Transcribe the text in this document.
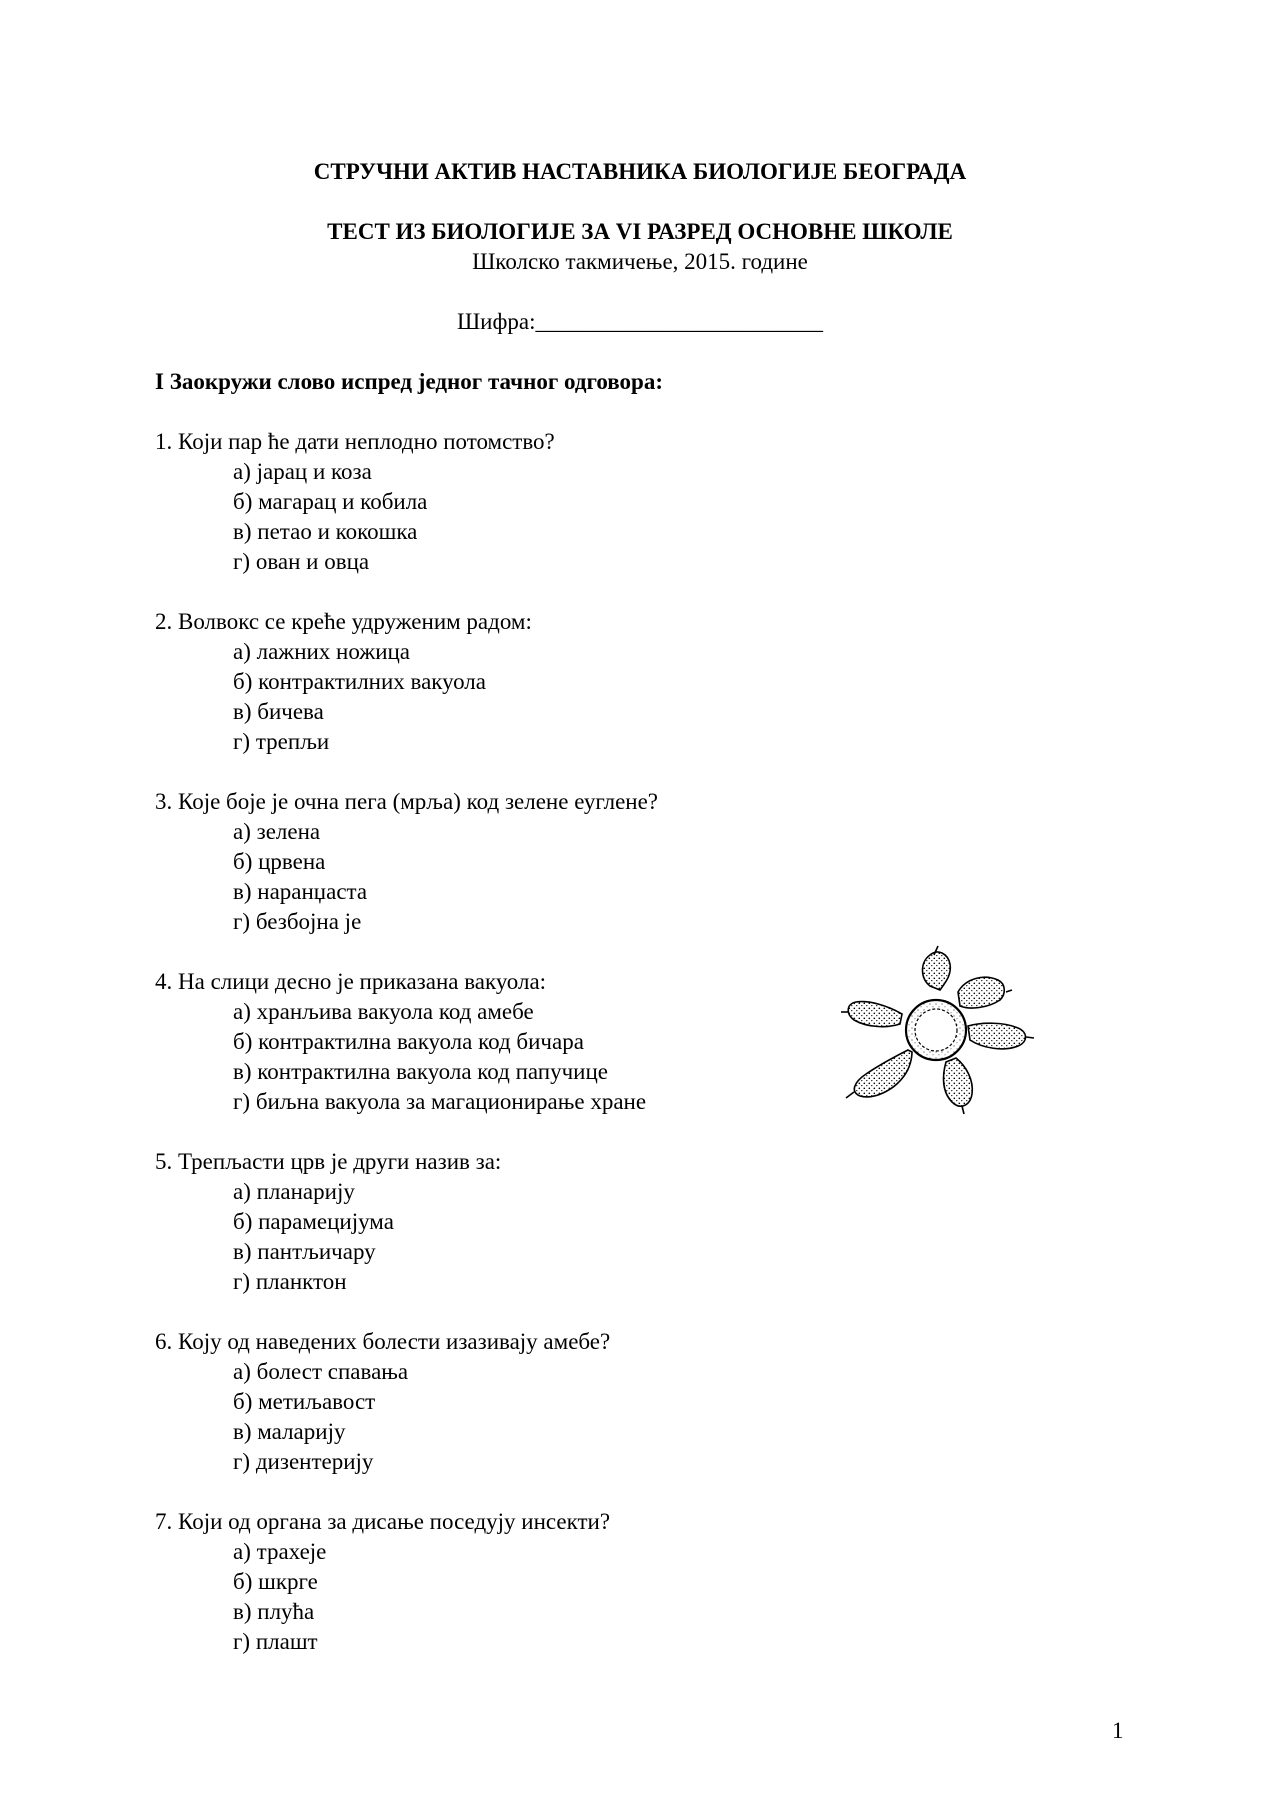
СТРУЧНИ АКТИВ НАСТАВНИКА БИОЛОГИЈЕ БЕОГРАДА
ТЕСТ ИЗ БИОЛОГИЈЕ ЗА VI РАЗРЕД ОСНОВНЕ ШКОЛЕ
Школско такмичење, 2015. године
Шифра:_________________________
I Заокружи слово испред једног тачног одговора:
1. Који пар ће дати неплодно потомство?
а) јарац и коза
б) магарац и кобила
в) петао и кокошка
г) ован и овца
2. Волвокс се креће удруженим радом:
а) лажних ножица
б) контрактилних вакуола
в) бичева
г) трепљи
3. Које боје је очна пега (мрља) код зелене еуглене?
а) зелена
б) црвена
в) наранџаста
г) безбојна је
4. На слици десно је приказана вакуола:
а) хранљива вакуола код амебе
б) контрактилна вакуола код бичара
в) контрактилна вакуола код папучице
г) биљна вакуола за магационирање хране
5. Трепљасти црв је други назив за:
а) планарију
б) парамецијума
в) пантљичару
г) планктон
6. Коју од наведених болести изазивају амебе?
а) болест спавања
б) метиљавост
в) маларију
г) дизентерију
7. Који од органа за дисање поседују инсекти?
а) трахеје
б) шкрге
в) плућа
г) плашт
1
